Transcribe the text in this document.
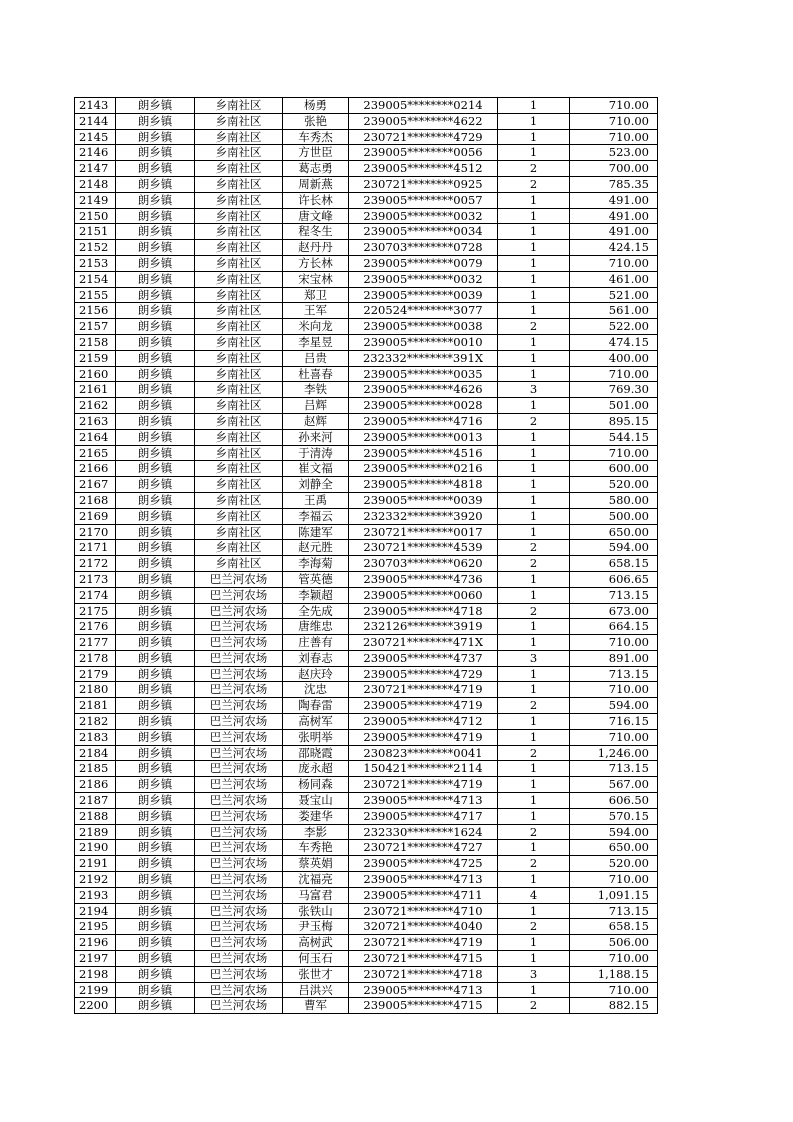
2143	朗乡镇	乡南社区	杨勇	239005********0214	1	710.00
2144	朗乡镇	乡南社区	张艳	239005********4622	1	710.00
2145	朗乡镇	乡南社区	车秀杰	230721********4729	1	710.00
2146	朗乡镇	乡南社区	方世臣	239005********0056	1	523.00
2147	朗乡镇	乡南社区	葛志勇	239005********4512	2	700.00
2148	朗乡镇	乡南社区	周新燕	230721********0925	2	785.35
2149	朗乡镇	乡南社区	许长林	239005********0057	1	491.00
2150	朗乡镇	乡南社区	唐文峰	239005********0032	1	491.00
2151	朗乡镇	乡南社区	程冬生	239005********0034	1	491.00
2152	朗乡镇	乡南社区	赵丹丹	230703********0728	1	424.15
2153	朗乡镇	乡南社区	方长林	239005********0079	1	710.00
2154	朗乡镇	乡南社区	宋宝林	239005********0032	1	461.00
2155	朗乡镇	乡南社区	郑卫	239005********0039	1	521.00
2156	朗乡镇	乡南社区	王军	220524********3077	1	561.00
2157	朗乡镇	乡南社区	米向龙	239005********0038	2	522.00
2158	朗乡镇	乡南社区	李星昱	239005********0010	1	474.15
2159	朗乡镇	乡南社区	吕贵	232332********391X	1	400.00
2160	朗乡镇	乡南社区	杜喜春	239005********0035	1	710.00
2161	朗乡镇	乡南社区	李铁	239005********4626	3	769.30
2162	朗乡镇	乡南社区	吕辉	239005********0028	1	501.00
2163	朗乡镇	乡南社区	赵辉	239005********4716	2	895.15
2164	朗乡镇	乡南社区	孙来河	239005********0013	1	544.15
2165	朗乡镇	乡南社区	于清涛	239005********4516	1	710.00
2166	朗乡镇	乡南社区	崔文福	239005********0216	1	600.00
2167	朗乡镇	乡南社区	刘静全	239005********4818	1	520.00
2168	朗乡镇	乡南社区	王禹	239005********0039	1	580.00
2169	朗乡镇	乡南社区	李福云	232332********3920	1	500.00
2170	朗乡镇	乡南社区	陈建军	230721********0017	1	650.00
2171	朗乡镇	乡南社区	赵元胜	230721********4539	2	594.00
2172	朗乡镇	乡南社区	李海菊	230703********0620	2	658.15
2173	朗乡镇	巴兰河农场	管英德	239005********4736	1	606.65
2174	朗乡镇	巴兰河农场	李颖超	239005********0060	1	713.15
2175	朗乡镇	巴兰河农场	全先成	239005********4718	2	673.00
2176	朗乡镇	巴兰河农场	唐维忠	232126********3919	1	664.15
2177	朗乡镇	巴兰河农场	庄善有	230721********471X	1	710.00
2178	朗乡镇	巴兰河农场	刘春志	239005********4737	3	891.00
2179	朗乡镇	巴兰河农场	赵庆玲	239005********4729	1	713.15
2180	朗乡镇	巴兰河农场	沈忠	230721********4719	1	710.00
2181	朗乡镇	巴兰河农场	陶春雷	239005********4719	2	594.00
2182	朗乡镇	巴兰河农场	高树军	239005********4712	1	716.15
2183	朗乡镇	巴兰河农场	张明举	239005********4719	1	710.00
2184	朗乡镇	巴兰河农场	邵晓霞	230823********0041	2	1,246.00
2185	朗乡镇	巴兰河农场	庞永超	150421********2114	1	713.15
2186	朗乡镇	巴兰河农场	杨同森	230721********4719	1	567.00
2187	朗乡镇	巴兰河农场	聂宝山	239005********4713	1	606.50
2188	朗乡镇	巴兰河农场	娄建华	239005********4717	1	570.15
2189	朗乡镇	巴兰河农场	李影	232330********1624	2	594.00
2190	朗乡镇	巴兰河农场	车秀艳	230721********4727	1	650.00
2191	朗乡镇	巴兰河农场	蔡英娟	239005********4725	2	520.00
2192	朗乡镇	巴兰河农场	沈福亮	239005********4713	1	710.00
2193	朗乡镇	巴兰河农场	马富君	239005********4711	4	1,091.15
2194	朗乡镇	巴兰河农场	张铁山	230721********4710	1	713.15
2195	朗乡镇	巴兰河农场	尹玉梅	320721********4040	2	658.15
2196	朗乡镇	巴兰河农场	高树武	230721********4719	1	506.00
2197	朗乡镇	巴兰河农场	何玉石	230721********4715	1	710.00
2198	朗乡镇	巴兰河农场	张世才	230721********4718	3	1,188.15
2199	朗乡镇	巴兰河农场	吕洪兴	239005********4713	1	710.00
2200	朗乡镇	巴兰河农场	曹军	239005********4715	2	882.15
